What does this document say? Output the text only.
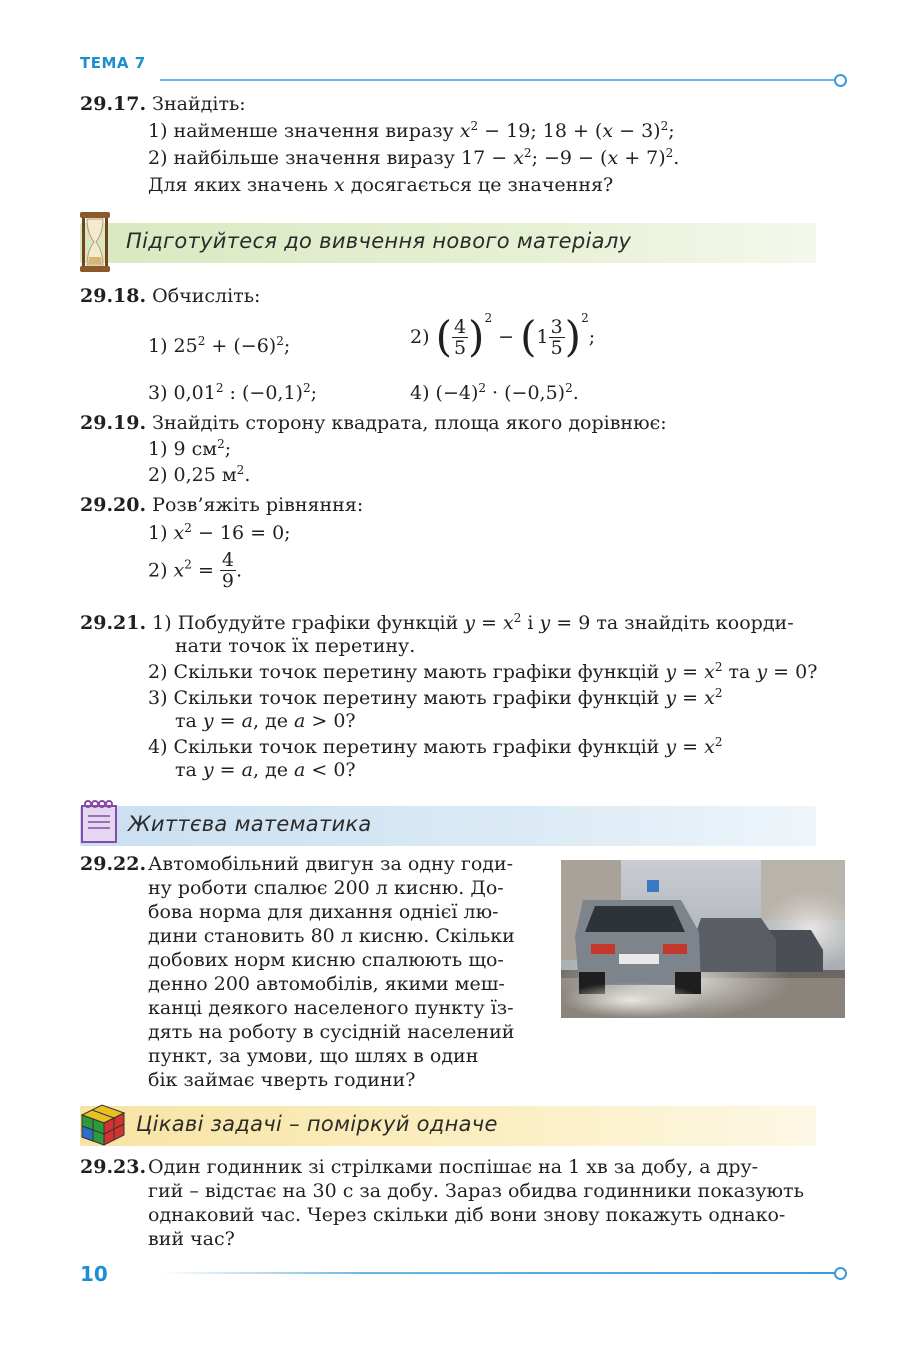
ТЕМА 7
29.17. Знайдіть:
1) найменше значення виразу $x^2 - 19$; $18 + (x - 3)^2$;
2) найбільше значення виразу $17 - x^2$; $-9 - (x + 7)^2$.
Для яких значень x досягається це значення?
Підготуйтеся до вивчення нового матеріалу
29.18. Обчисліть:
1) $25^2 + (-6)^2$;	2) ( $\frac{4}{5} )^2 - (1 \frac{3}{5} )^2$;
3) 0,01$^2$ : $(-0,1)^2$;	4) $(-4)^2 \cdot (-0,5)^2$.
29.19. Знайдіть сторону квадрата, площа якого дорівнює:
1) 9 $см^2$;
2) 0,25 $м^2$.
29.20. Розв’яжіть рівняння:
1) $x^2 - 16 = 0$;
2) $x^2 = \frac{4}{9}$ .
29.21. 1) Побудуйте графіки функцій $y = x^2$ і y = 9 та знайдіть коорди-
нати точок їх перетину.
2) Скільки точок перетину мають графіки функцій $y = x^2$ та y = 0?
3) Скільки точок перетину мають графіки функцій $y = x^2$
та y = a, де a > 0?
4) Скільки точок перетину мають графіки функцій $y = x^2$
та y = a, де a < 0?
Життєва математика
29.22. Автомобільний двигун за одну годи-
ну роботи спалює 200 л кисню. До-
бова норма для дихання однієї лю-
дини становить 80 л кисню. Скільки
добових норм кисню спалюють що-
денно 200 автомобілів, якими меш-
канці деякого населеного пункту їз-
дять на роботу в сусідній населений
пункт, за умови, що шлях в один
бік займає чверть години?
Цікаві задачі – поміркуй одначе
29.23. Один годинник зі стрілками поспішає на 1 хв за добу, а дру-
гий – відстає на 30 с за добу. Зараз обидва годинники показують
однаковий час. Через скільки діб вони знову покажуть однако-
вий час?
10
